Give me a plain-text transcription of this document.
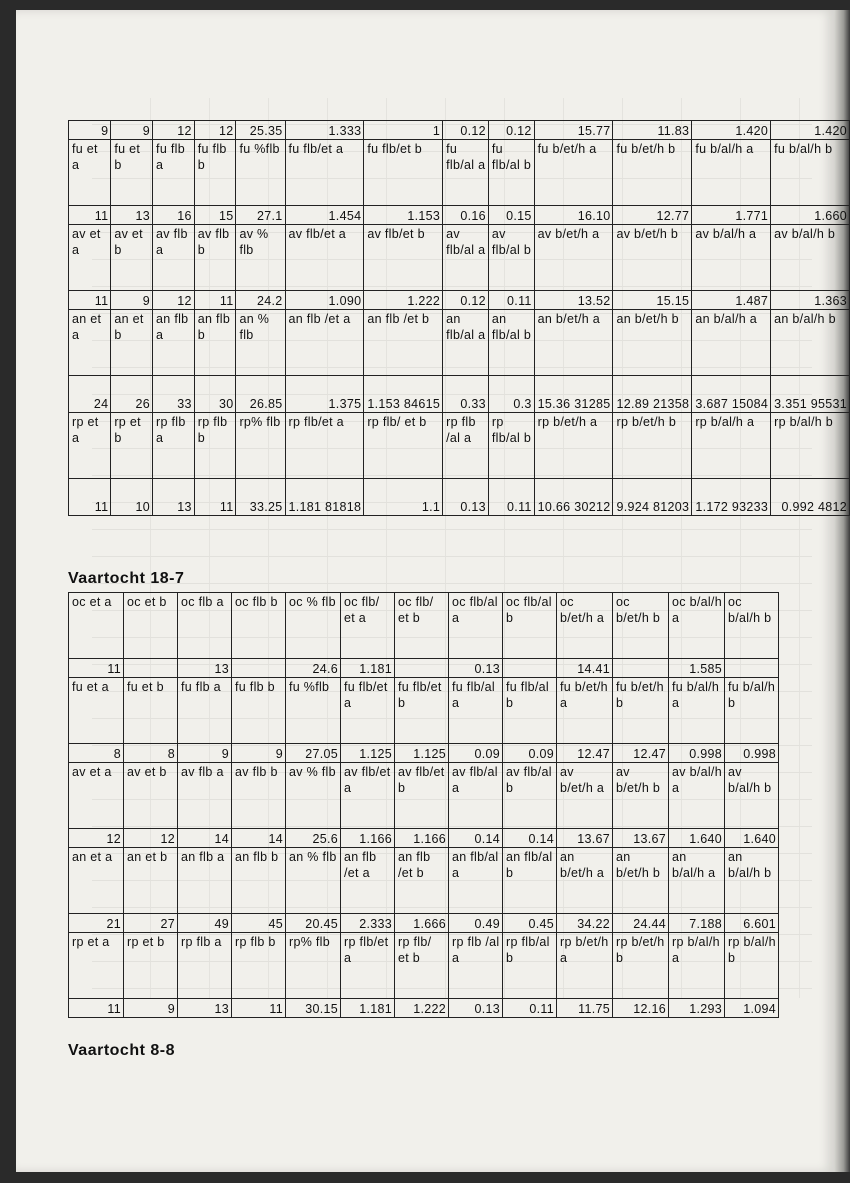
9	9	12	12	25.35	1.333	1	0.12	0.12	15.77	11.83	1.420	1.420
fu et a	fu et b	fu flb a	fu flb b	fu %flb	fu flb/et a	fu flb/et b	fu flb/al a	fu flb/al b	fu b/et/h a	fu b/et/h b	fu b/al/h a	fu b/al/h b
11	13	16	15	27.1	1.454	1.153	0.16	0.15	16.10	12.77	1.771	1.660
av et a	av et b	av flb a	av flb b	av % flb	av flb/et a	av flb/et b	av flb/al a	av flb/al b	av b/et/h a	av b/et/h b	av b/al/h a	av b/al/h b
11	9	12	11	24.2	1.090	1.222	0.12	0.11	13.52	15.15	1.487	1.363
an et a	an et b	an flb a	an flb b	an % flb	an flb /et a	an flb /et b	an flb/al a	an flb/al b	an b/et/h a	an b/et/h b	an b/al/h a	an b/al/h b
24	26	33	30	26.85	1.375	1.153 84615	0.33	0.3	15.36 31285	12.89 21358	3.687 15084	3.351 95531
rp et a	rp et b	rp flb a	rp flb b	rp% flb	rp flb/et a	rp flb/ et b	rp flb /al a	rp flb/al b	rp b/et/h a	rp b/et/h b	rp b/al/h a	rp b/al/h b
11	10	13	11	33.25	1.181 81818	1.1	0.13	0.11	10.66 30212	9.924 81203	1.172 93233	0.992 4812
Vaartocht 18-7
oc et a	oc et b	oc flb a	oc flb b	oc % flb	oc flb/ et a	oc flb/ et b	oc flb/al a	oc flb/al b	oc b/et/h a	oc b/et/h b	oc b/al/h a	oc b/al/h b
11		13		24.6	1.181		0.13		14.41		1.585	
fu et a	fu et b	fu flb a	fu flb b	fu %flb	fu flb/et a	fu flb/et b	fu flb/al a	fu flb/al b	fu b/et/h a	fu b/et/h b	fu b/al/h a	fu b/al/h b
8	8	9	9	27.05	1.125	1.125	0.09	0.09	12.47	12.47	0.998	0.998
av et a	av et b	av flb a	av flb b	av % flb	av flb/et a	av flb/et b	av flb/al a	av flb/al b	av b/et/h a	av b/et/h b	av b/al/h a	av b/al/h b
12	12	14	14	25.6	1.166	1.166	0.14	0.14	13.67	13.67	1.640	1.640
an et a	an et b	an flb a	an flb b	an % flb	an flb /et a	an flb /et b	an flb/al a	an flb/al b	an b/et/h a	an b/et/h b	an b/al/h a	an b/al/h b
21	27	49	45	20.45	2.333	1.666	0.49	0.45	34.22	24.44	7.188	6.601
rp et a	rp et b	rp flb a	rp flb b	rp% flb	rp flb/et a	rp flb/ et b	rp flb /al a	rp flb/al b	rp b/et/h a	rp b/et/h b	rp b/al/h a	rp b/al/h b
11	9	13	11	30.15	1.181	1.222	0.13	0.11	11.75	12.16	1.293	1.094
Vaartocht 8-8
